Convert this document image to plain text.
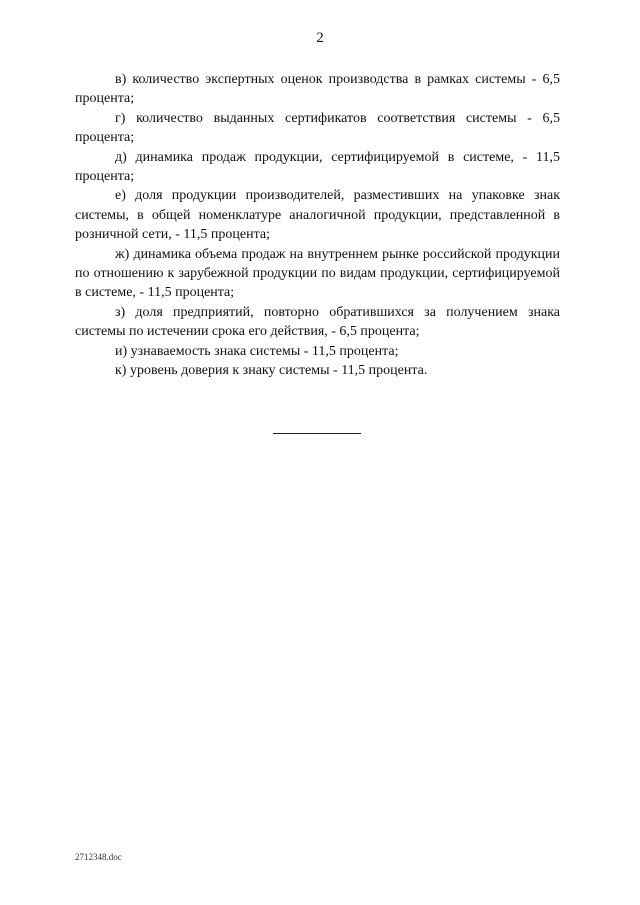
2

в) количество экспертных оценок производства в рамках системы - 6,5 процента;

г) количество выданных сертификатов соответствия системы - 6,5 процента;

д) динамика продаж продукции, сертифицируемой в системе, - 11,5 процента;

е) доля продукции производителей, разместивших на упаковке знак системы, в общей номенклатуре аналогичной продукции, представленной в розничной сети, - 11,5 процента;

ж) динамика объема продаж на внутреннем рынке российской продукции по отношению к зарубежной продукции по видам продукции, сертифицируемой в системе, - 11,5 процента;

з) доля предприятий, повторно обратившихся за получением знака системы по истечении срока его действия, - 6,5 процента;

и) узнаваемость знака системы - 11,5 процента;

к) уровень доверия к знаку системы - 11,5 процента.

2712348.doc
